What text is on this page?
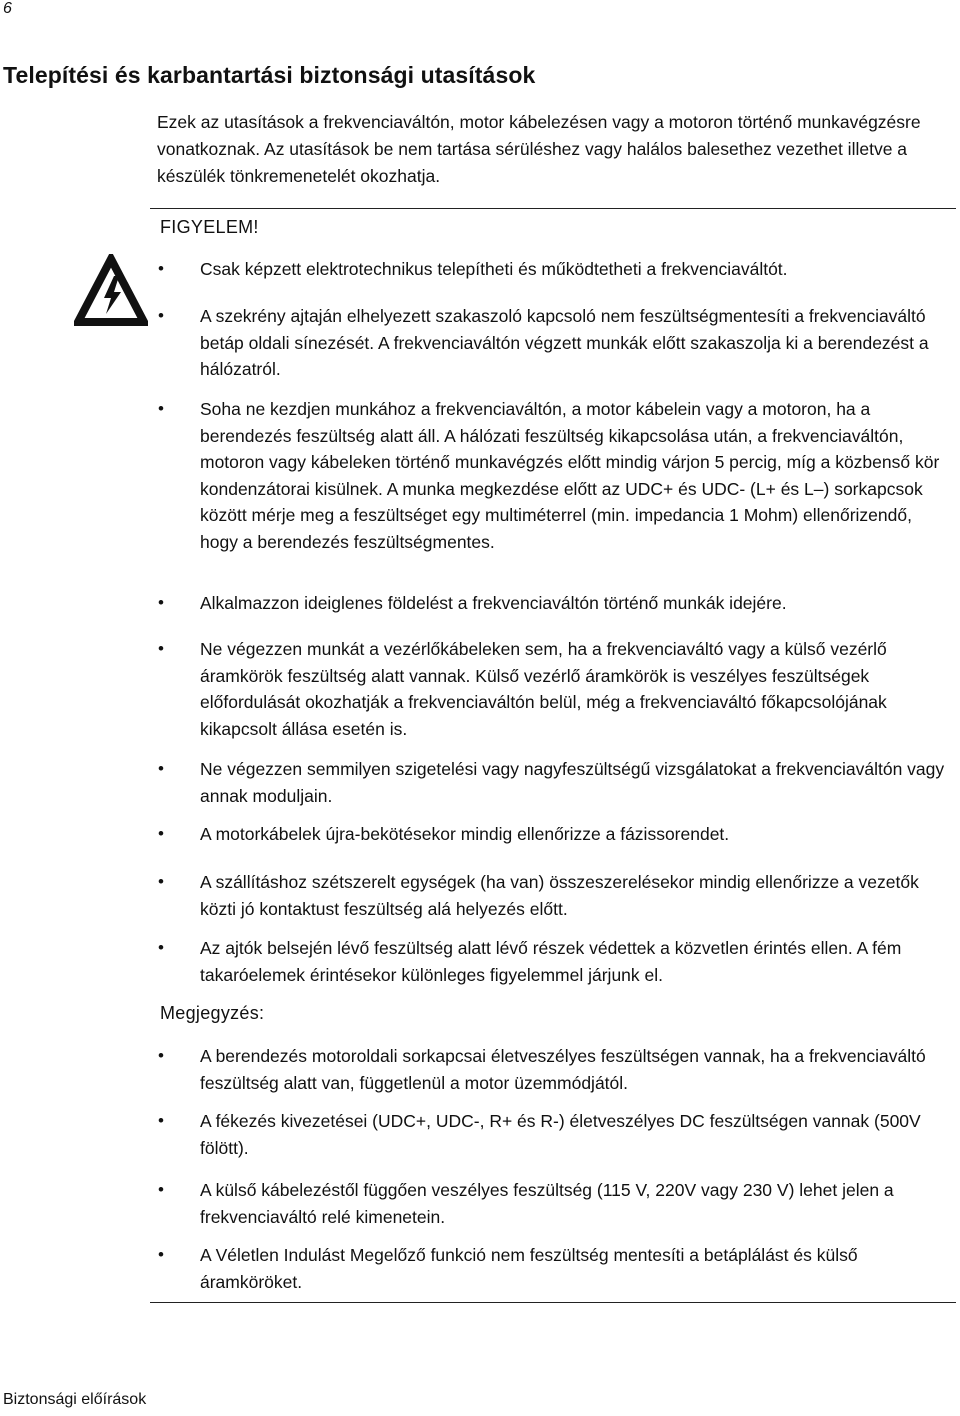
6
Telepítési és karbantartási biztonsági utasítások

Ezek az utasítások a frekvenciaváltón, motor kábelezésen vagy a motoron történő munkavégzésre vonatkoznak. Az utasítások be nem tartása sérüléshez vagy halálos balesethez vezethet illetve a készülék tönkremenetelét okozhatja.

FIGYELEM!
• Csak képzett elektrotechnikus telepítheti és működtetheti a frekvenciaváltót.
• A szekrény ajtaján elhelyezett szakaszoló kapcsoló nem feszültségmentesíti a frekvenciaváltó betáp oldali sínezését. A frekvenciaváltón végzett munkák előtt szakaszolja ki a berendezést a hálózatról.
• Soha ne kezdjen munkához a frekvenciaváltón, a motor kábelein vagy a motoron, ha a berendezés feszültség alatt áll. A hálózati feszültség kikapcsolása után, a frekvenciaváltón, motoron vagy kábeleken történő munkavégzés előtt mindig várjon 5 percig, míg a közbenső kör kondenzátorai kisülnek. A munka megkezdése előtt az UDC+ és UDC- (L+ és L–) sorkapcsok között mérje meg a feszültséget egy multiméterrel (min. impedancia 1 Mohm) ellenőrizendő, hogy a berendezés feszültségmentes.
• Alkalmazzon ideiglenes földelést a frekvenciaváltón történő munkák idejére.
• Ne végezzen munkát a vezérlőkábeleken sem, ha a frekvenciaváltó vagy a külső vezérlő áramkörök feszültség alatt vannak. Külső vezérlő áramkörök is veszélyes feszültségek előfordulását okozhatják a frekvenciaváltón belül, még a frekvenciaváltó főkapcsolójának kikapcsolt állása esetén is.
• Ne végezzen semmilyen szigetelési vagy nagyfeszültségű vizsgálatokat a frekvenciaváltón vagy annak moduljain.
• A motorkábelek újra-bekötésekor mindig ellenőrizze a fázissorendet.
• A szállításhoz szétszerelt egységek (ha van) összeszerelésekor mindig ellenőrizze a vezetők közti jó kontaktust feszültség alá helyezés előtt.
• Az ajtók belsején lévő feszültség alatt lévő részek védettek a közvetlen érintés ellen. A fém takaróelemek érintésekor különleges figyelemmel járjunk el.
Megjegyzés:
• A berendezés motoroldali sorkapcsai életveszélyes feszültségen vannak, ha a frekvenciaváltó feszültség alatt van, függetlenül a motor üzemmódjától.
• A fékezés kivezetései (UDC+, UDC-, R+ és R-) életveszélyes DC feszültségen vannak (500V fölött).
• A külső kábelezéstől függően veszélyes feszültség (115 V, 220V vagy 230 V) lehet jelen a frekvenciaváltó relé kimenetein.
• A Véletlen Indulást Megelőző funkció nem feszültség mentesíti a betáplálást és külső áramköröket.
Biztonsági előírások
